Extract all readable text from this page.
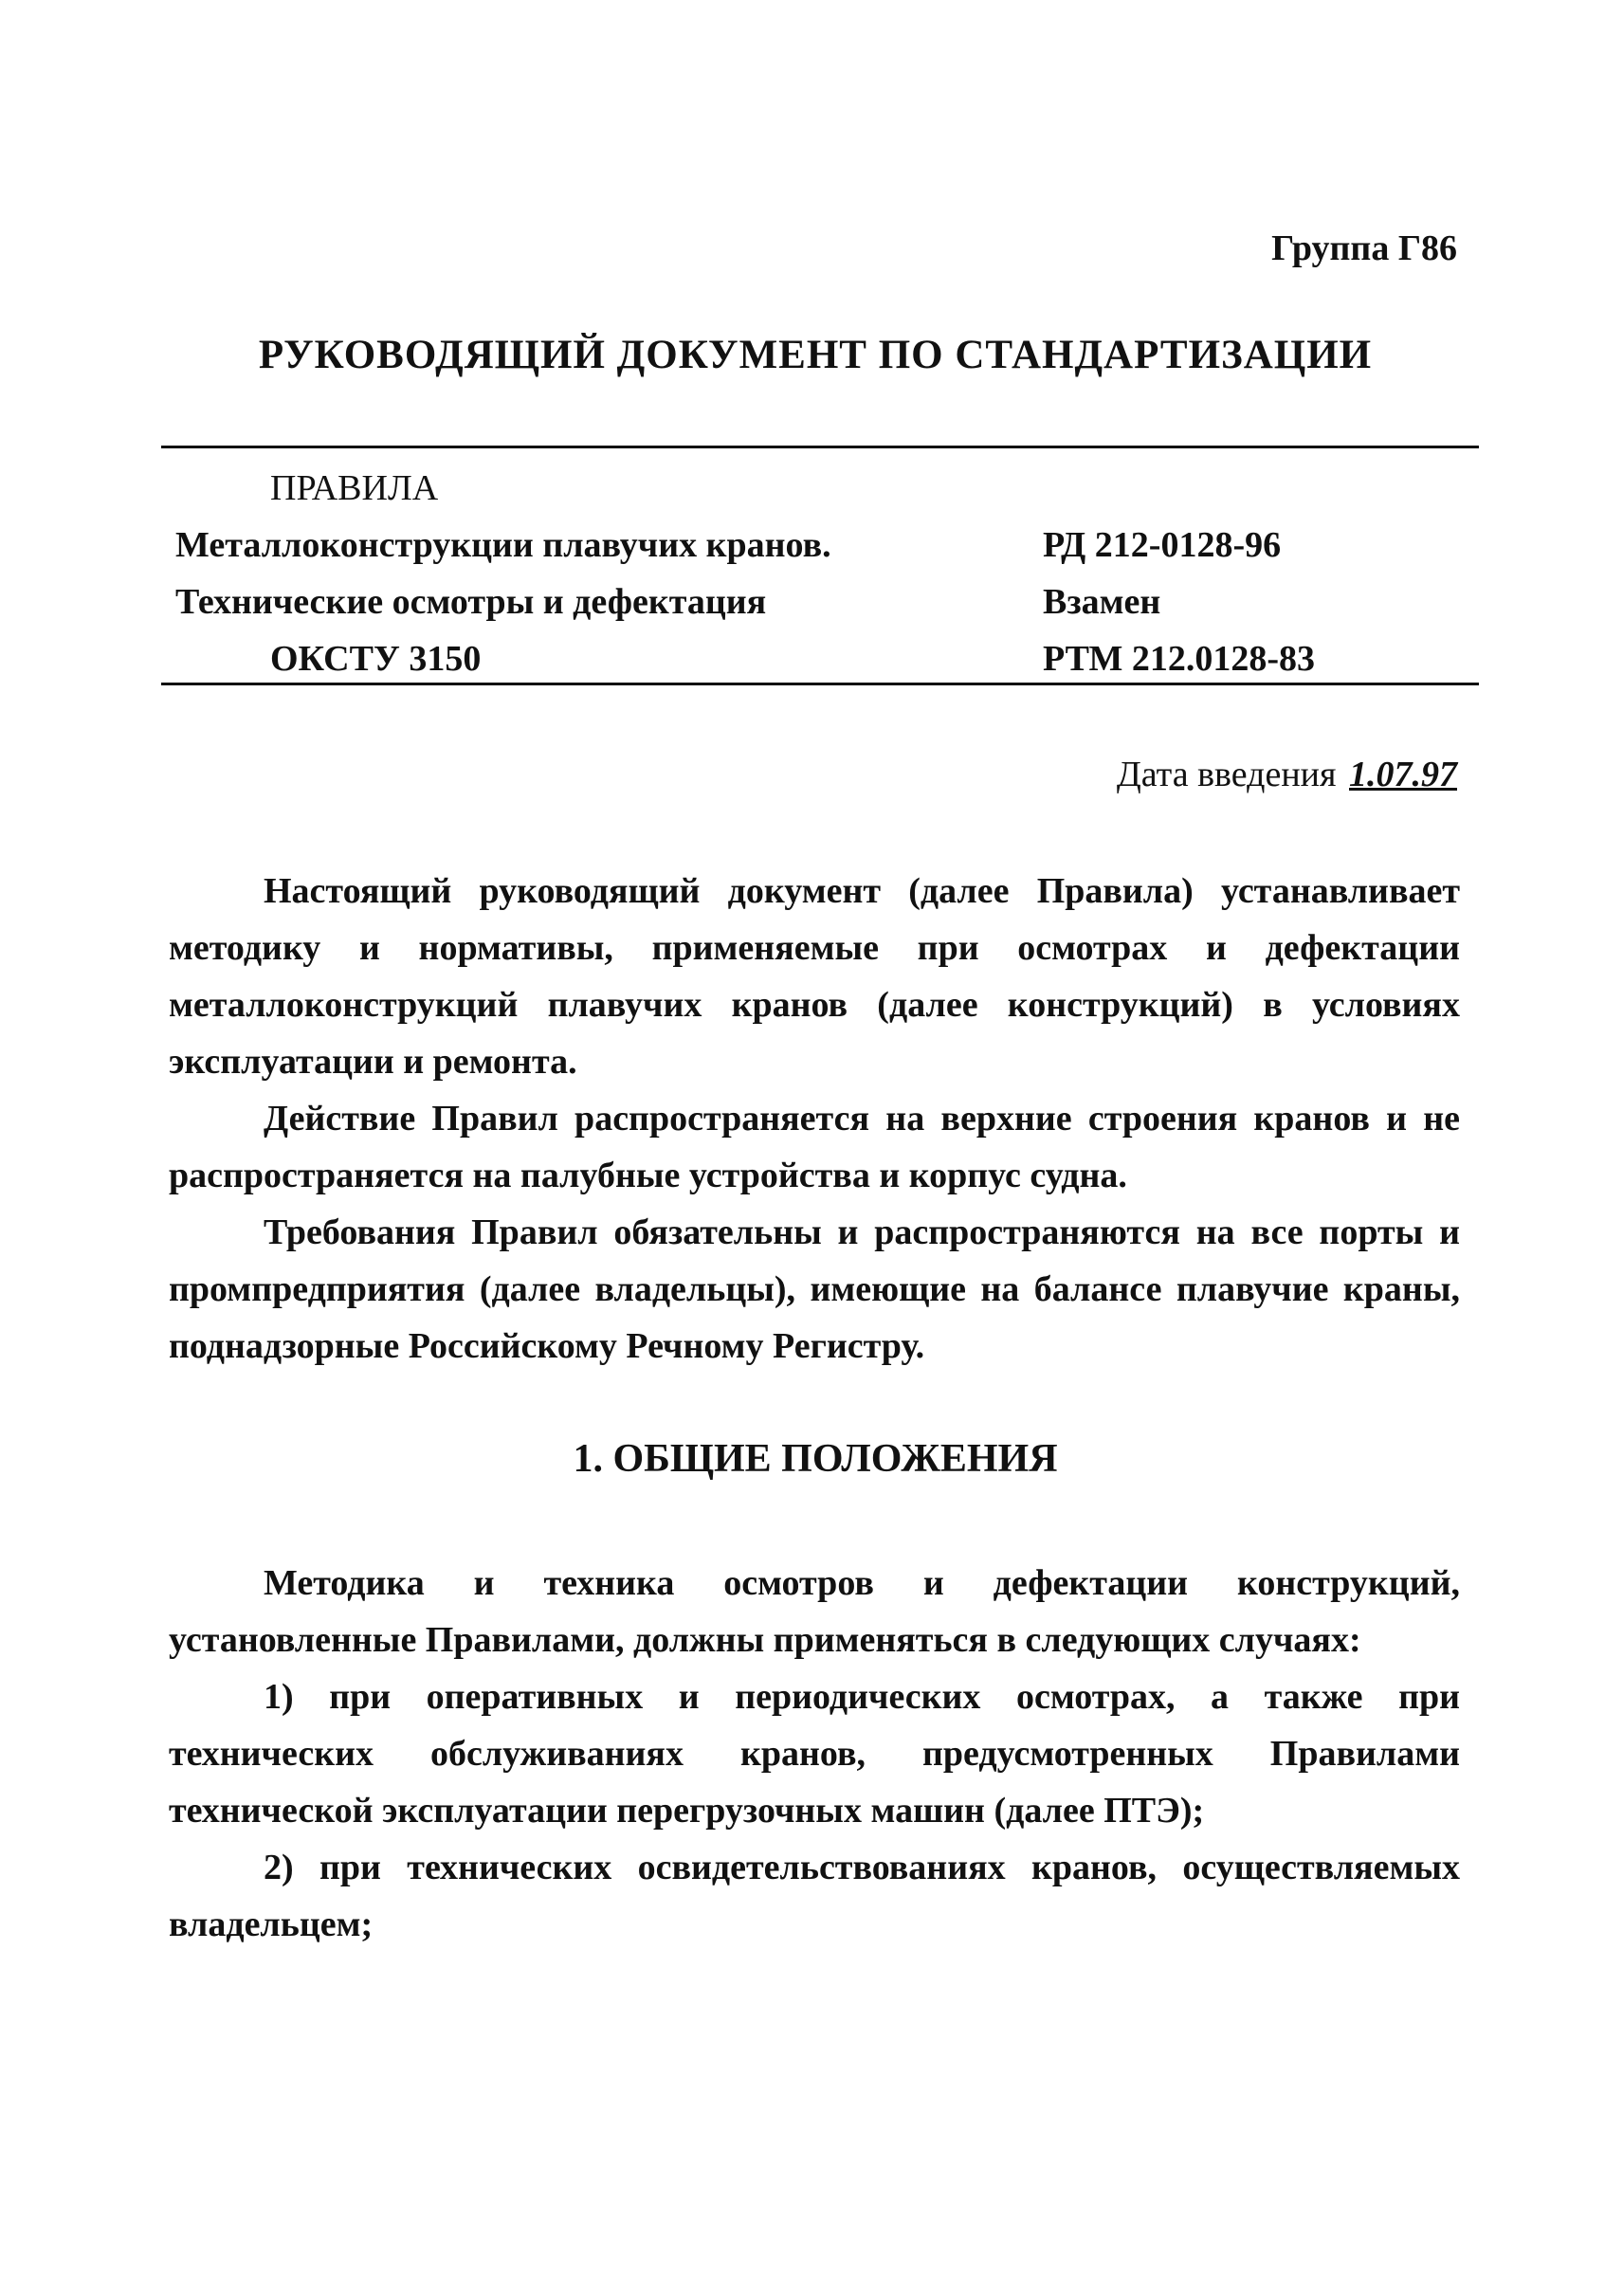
Группа Г86
РУКОВОДЯЩИЙ ДОКУМЕНТ ПО СТАНДАРТИЗАЦИИ
ПРАВИЛА
Металлоконструкции плавучих кранов.
Технические осмотры и дефектация
ОКСТУ 3150
РД 212-0128-96
Взамен
РТМ 212.0128-83
Дата введения 1.07.97

Настоящий руководящий документ (далее Правила) устанавливает методику и нормативы, применяемые при осмотрах и дефектации металлоконструкций плавучих кранов (далее конструкций) в условиях эксплуатации и ремонта.

Действие Правил распространяется на верхние строения кранов и не распространяется на палубные устройства и корпус судна.

Требования Правил обязательны и распространяются на все порты и промпредприятия (далее владельцы), имеющие на балансе плавучие краны, поднадзорные Российскому Речному Регистру.

1. ОБЩИЕ ПОЛОЖЕНИЯ

Методика и техника осмотров и дефектации конструкций, установленные Правилами, должны применяться в следующих случаях:

1) при оперативных и периодических осмотрах, а также при технических обслуживаниях кранов, предусмотренных Правилами технической эксплуатации перегрузочных машин (далее ПТЭ);

2) при технических освидетельствованиях кранов, осуществляемых владельцем;
